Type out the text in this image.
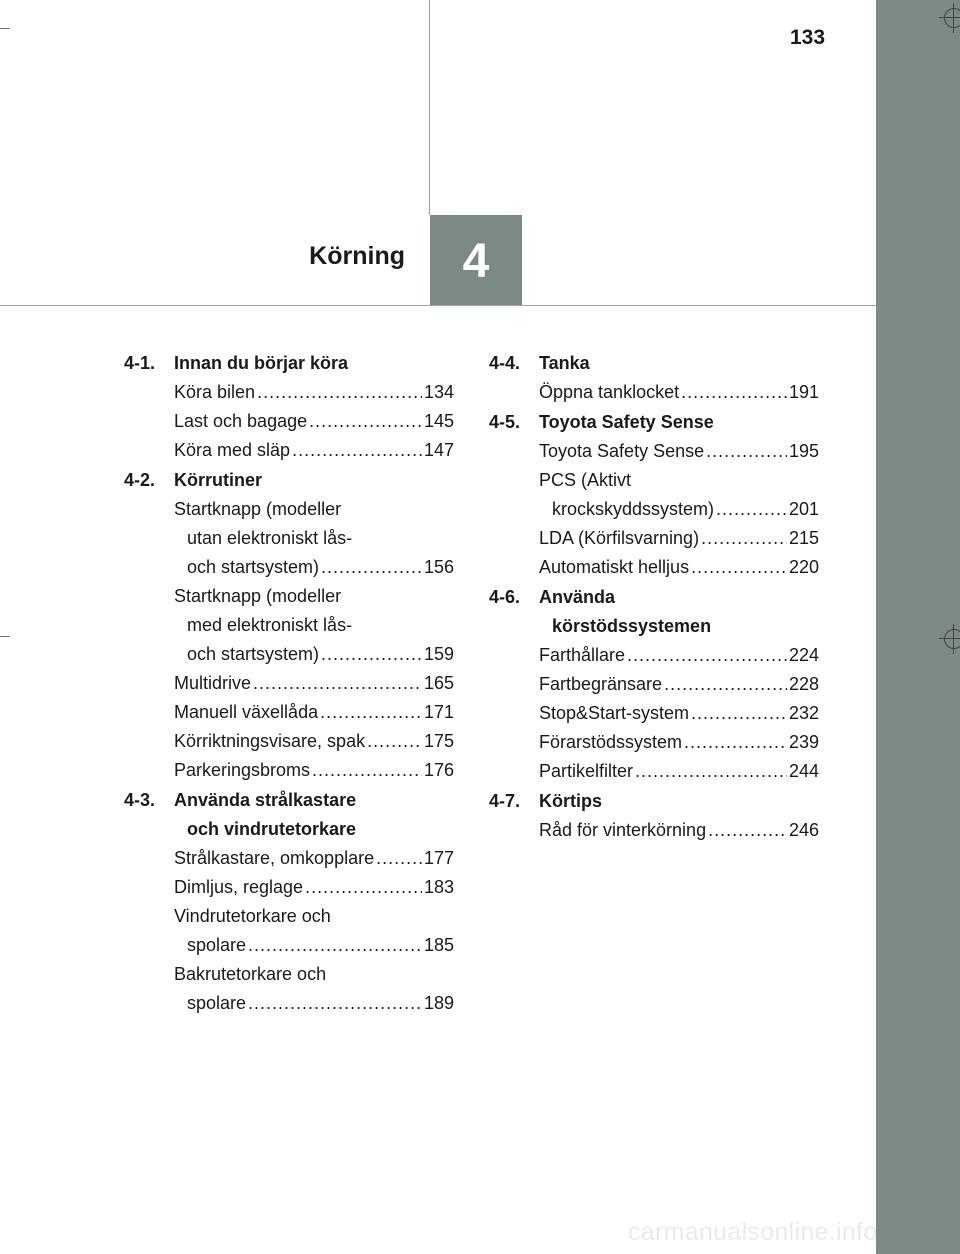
133
Körning	4
4-1.	Innan du börjar köra
Köra bilen .....	134
Last och bagage .....	145
Köra med släp .....	147
4-2.	Körrutiner
Startknapp (modeller
utan elektroniskt lås-
och startsystem) .....	156
Startknapp (modeller
med elektroniskt lås-
och startsystem) .....	159
Multidrive .....	165
Manuell växellåda .....	171
Körriktningsvisare, spak .....	175
Parkeringsbroms .....	176
4-3.	Använda strålkastare
och vindrutetorkare
Strålkastare, omkopplare .....	177
Dimljus, reglage .....	183
Vindrutetorkare och
spolare .....	185
Bakrutetorkare och
spolare .....	189
4-4.	Tanka
Öppna tanklocket .....	191
4-5.	Toyota Safety Sense
Toyota Safety Sense .....	195
PCS (Aktivt
krockskyddssystem) .....	201
LDA (Körfilsvarning) .....	215
Automatiskt helljus .....	220
4-6.	Använda
körstödssystemen
Farthållare .....	224
Fartbegränsare .....	228
Stop&Start-system .....	232
Förarstödssystem .....	239
Partikelfilter .....	244
4-7.	Körtips
Råd för vinterkörning .....	246
carmanualsonline.info
